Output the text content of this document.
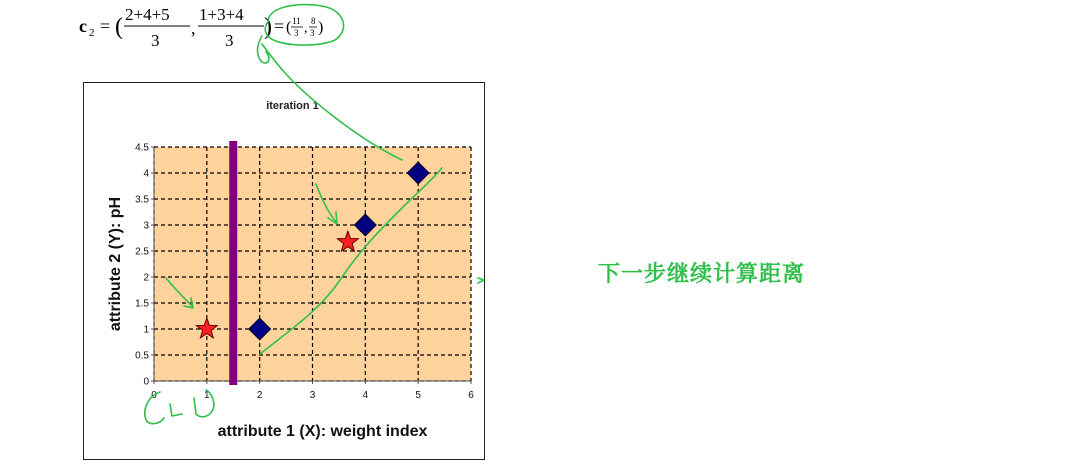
c 2 = ( 2+4+5
3
,
1+3+4
3
) = ( 11
3 , 8
3 )
iteration 1
0
0.5
1
1.5
2
2.5
3
3.5
4
4.5
0	1	2	3	4	5	6
attribute 1 (X): weight index
attribute 2 (Y): pH	下一步继续计算距离
